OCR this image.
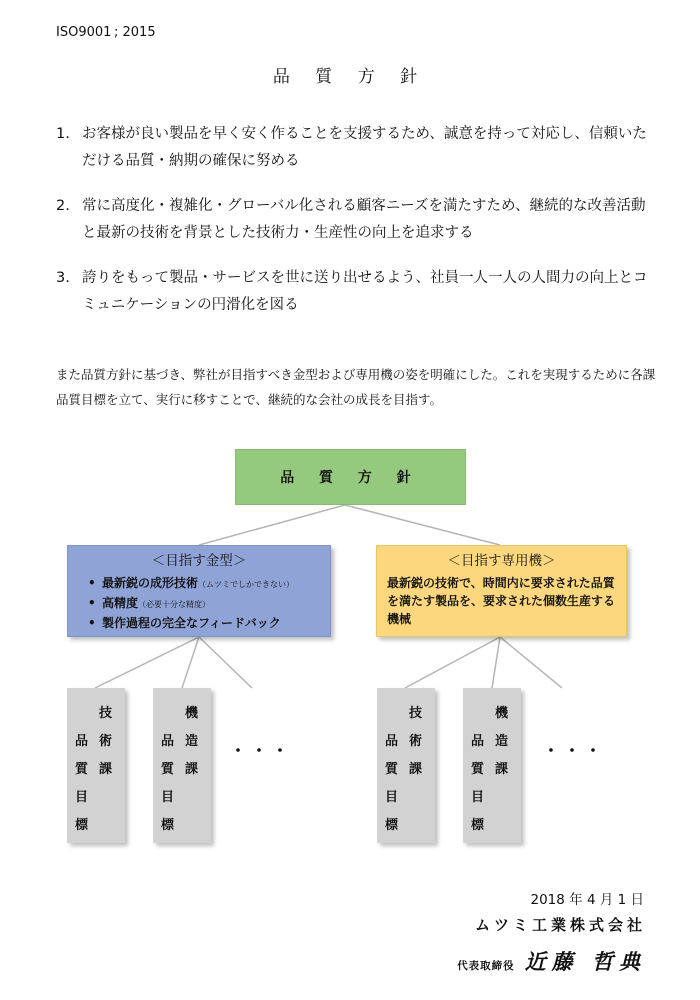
ISO9001 ; 2015
品 質 方 針
1. お客様が良い製品を早く安く作ることを支援するため、誠意を持って対応し、信頼いただける品質・納期の確保に努める
2. 常に高度化・複雑化・グローバル化される顧客ニーズを満たすため、継続的な改善活動と最新の技術を背景とした技術力・生産性の向上を追求する
3. 誇りをもって製品・サービスを世に送り出せるよう、社員一人一人の人間力の向上とコミュニケーションの円滑化を図る
また品質方針に基づき、弊社が目指すべき金型および専用機の姿を明確にした。これを実現するために各課品質目標を立て、実行に移すことで、継続的な会社の成長を目指す。
品 質 方 針
＜目指す金型＞
• 最新鋭の成形技術（ムツミでしかできない）
• 高精度（必要十分な精度）
• 製作過程の完全なフィードバック
＜目指す専用機＞
最新鋭の技術で、時間内に要求された品質を満たす製品を、要求された個数生産する機械
技
術
課
品
質
目
標
機
造
課
品
質
目
標
・・・
技
術
課
品
質
目
標
機
造
課
品
質
目
標
・・・
2018 年 4 月 1 日
ムツミ工業株式会社
代表取締役 近藤 哲典
